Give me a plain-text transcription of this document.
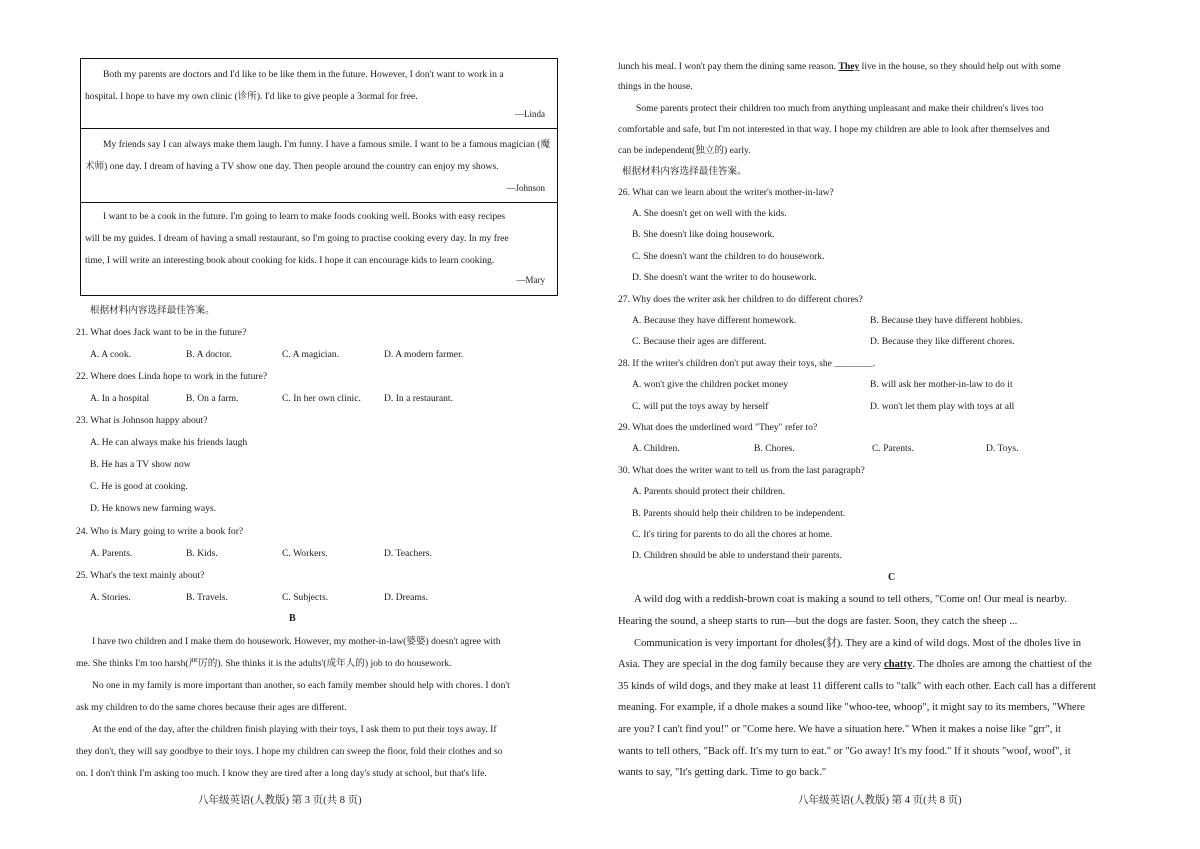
Both my parents are doctors and I'd like to be like them in the future. However, I don't want to work in a
hospital. I hope to have my own clinic (诊所). I'd like to give people a 3ormal for free.
—Linda
My friends say I can always make them laugh. I'm funny. I have a famous smile. I want to be a famous magician (魔
术师) one day. I dream of having a TV show one day. Then people around the country can enjoy my shows.
—Johnson
I want to be a cook in the future. I'm going to learn to make foods cooking well. Books with easy recipes
will be my guides. I dream of having a small restaurant, so I'm going to practise cooking every day. In my free
time, I will write an interesting book about cooking for kids. I hope it can encourage kids to learn cooking.
—Mary
根据材料内容选择最佳答案。
21. What does Jack want to be in the future?
A. A cook.	B. A doctor.	C. A magician.	D. A modern farmer.
22. Where does Linda hope to work in the future?
A. In a hospital	B. On a farm.	C. In her own clinic. D. In a restaurant.
23. What is Johnson happy about?
A. He can always make his friends laugh
B. He has a TV show now
C. He is good at cooking.
D. He knows new farming ways.
24. Who is Mary going to write a book for?
A. Parents.	B. Kids.	C. Workers.	D. Teachers.
25. What's the text mainly about?
A. Stories.	B. Travels.	C. Subjects.	D. Dreams.
B
I have two children and I make them do housework. However, my mother-in-law(婆婆) doesn't agree with
me. She thinks I'm too harsh(严厉的). She thinks it is the adults'(成年人的) job to do housework.
No one in my family is more important than another, so each family member should help with chores. I don't
ask my children to do the same chores because their ages are different.
At the end of the day, after the children finish playing with their toys, I ask them to put their toys away. If
they don't, they will say goodbye to their toys. I hope my children can sweep the floor, fold their clothes and so
on. I don't think I'm asking too much. I know they are tired after a long day's study at school, but that's life.
八年级英语(人教版) 第 3 页(共 8 页)
lunch his meal. I won't pay them the dining same reason. They live in the house, so they should help out with some
things in the house.
Some parents protect their children too much from anything unpleasant and make their children's lives too
comfortable and safe, but I'm not interested in that way. I hope my children are able to look after themselves and
can be independent(独立的) early.
根据材料内容选择最佳答案。
26. What can we learn about the writer's mother-in-law?
A. She doesn't get on well with the kids.
B. She doesn't like doing housework.
C. She doesn't want the children to do housework.
D. She doesn't want the writer to do housework.
27. Why does the writer ask her children to do different chores?
A. Because they have different homework.	B. Because they have different hobbies.
C. Because their ages are different.	D. Because they like different chores.
28. If the writer's children don't put away their toys, she ________.
A. won't give the children pocket money	B. will ask her mother-in-law to do it
C. will put the toys away by herself	D. won't let them play with toys at all
29. What does the underlined word "They" refer to?
A. Children.	B. Chores.	C. Parents.	D. Toys.
30. What does the writer want to tell us from the last paragraph?
A. Parents should protect their children.
B. Parents should help their children to be independent.
C. It's tiring for parents to do all the chores at home.
D. Children should be able to understand their parents.
C
A wild dog with a reddish-brown coat is making a sound to tell others, "Come on! Our meal is nearby.
Hearing the sound, a sheep starts to run—but the dogs are faster. Soon, they catch the sheep ...
Communication is very important for dholes(豺). They are a kind of wild dogs. Most of the dholes live in
Asia. They are special in the dog family because they are very chatty. The dholes are among the chattiest of the
35 kinds of wild dogs, and they make at least 11 different calls to "talk" with each other. Each call has a different
meaning. For example, if a dhole makes a sound like "whoo-tee, whoop", it might say to its members, "Where
are you? I can't find you!" or "Come here. We have a situation here." When it makes a noise like "grr", it
wants to tell others, "Back off. It's my turn to eat." or "Go away! It's my food." If it shouts "woof, woof", it
wants to say, "It's getting dark. Time to go back."
八年级英语(人教版) 第 4 页(共 8 页)
